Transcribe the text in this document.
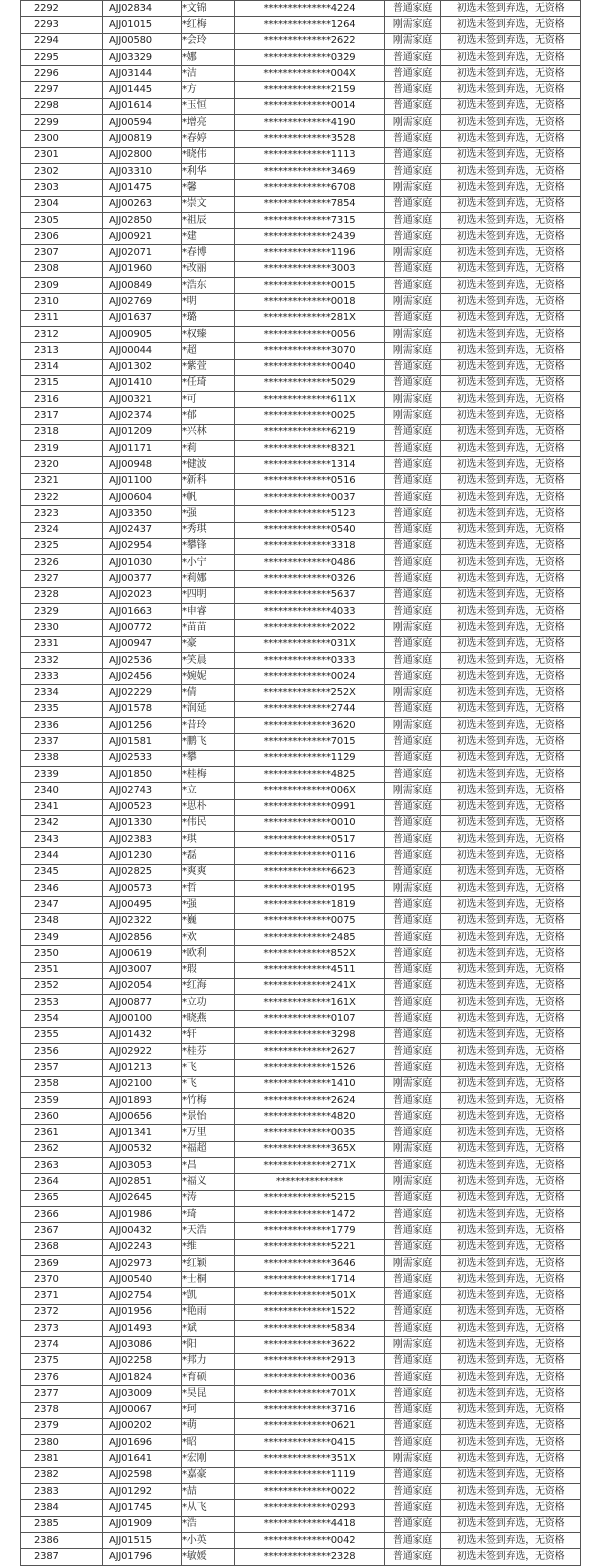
2292	AJJ02834	*文锦	**************4224	普通家庭	初选未签到弃选，无资格
2293	AJJ01015	*红梅	**************1264	刚需家庭	初选未签到弃选，无资格
2294	AJJ00580	*会玲	**************2622	刚需家庭	初选未签到弃选，无资格
2295	AJJ03329	*娜	**************0329	普通家庭	初选未签到弃选，无资格
2296	AJJ03144	*洁	**************004X	普通家庭	初选未签到弃选，无资格
2297	AJJ01445	*方	**************2159	普通家庭	初选未签到弃选，无资格
2298	AJJ01614	*玉恒	**************0014	普通家庭	初选未签到弃选，无资格
2299	AJJ00594	*增亮	**************4190	刚需家庭	初选未签到弃选，无资格
2300	AJJ00819	*春婷	**************3528	普通家庭	初选未签到弃选，无资格
2301	AJJ02800	*晓伟	**************1113	普通家庭	初选未签到弃选，无资格
2302	AJJ03310	*利华	**************3469	普通家庭	初选未签到弃选，无资格
2303	AJJ01475	*馨	**************6708	刚需家庭	初选未签到弃选，无资格
2304	AJJ00263	*崇文	**************7854	普通家庭	初选未签到弃选，无资格
2305	AJJ02850	*祖辰	**************7315	普通家庭	初选未签到弃选，无资格
2306	AJJ00921	*建	**************2439	普通家庭	初选未签到弃选，无资格
2307	AJJ02071	*春博	**************1196	刚需家庭	初选未签到弃选，无资格
2308	AJJ01960	*改丽	**************3003	普通家庭	初选未签到弃选，无资格
2309	AJJ00849	*浩东	**************0015	普通家庭	初选未签到弃选，无资格
2310	AJJ02769	*明	**************0018	刚需家庭	初选未签到弃选，无资格
2311	AJJ01637	*璐	**************281X	普通家庭	初选未签到弃选，无资格
2312	AJJ00905	*权臻	**************0056	刚需家庭	初选未签到弃选，无资格
2313	AJJ00044	*超	**************3070	刚需家庭	初选未签到弃选，无资格
2314	AJJ01302	*紫萱	**************0040	普通家庭	初选未签到弃选，无资格
2315	AJJ01410	*任琦	**************5029	普通家庭	初选未签到弃选，无资格
2316	AJJ00321	*可	**************611X	刚需家庭	初选未签到弃选，无资格
2317	AJJ02374	*郁	**************0025	刚需家庭	初选未签到弃选，无资格
2318	AJJ01209	*兴林	**************6219	普通家庭	初选未签到弃选，无资格
2319	AJJ01171	*莉	**************8321	普通家庭	初选未签到弃选，无资格
2320	AJJ00948	*健波	**************1314	普通家庭	初选未签到弃选，无资格
2321	AJJ01100	*新科	**************0516	普通家庭	初选未签到弃选，无资格
2322	AJJ00604	*帆	**************0037	普通家庭	初选未签到弃选，无资格
2323	AJJ03350	*强	**************5123	普通家庭	初选未签到弃选，无资格
2324	AJJ02437	*秀琪	**************0540	普通家庭	初选未签到弃选，无资格
2325	AJJ02954	*攀锋	**************3318	普通家庭	初选未签到弃选，无资格
2326	AJJ01030	*小宁	**************0486	普通家庭	初选未签到弃选，无资格
2327	AJJ00377	*莉娜	**************0326	普通家庭	初选未签到弃选，无资格
2328	AJJ02023	*四明	**************5637	普通家庭	初选未签到弃选，无资格
2329	AJJ01663	*申睿	**************4033	普通家庭	初选未签到弃选，无资格
2330	AJJ00772	*苗苗	**************2022	刚需家庭	初选未签到弃选，无资格
2331	AJJ00947	*豪	**************031X	普通家庭	初选未签到弃选，无资格
2332	AJJ02536	*笑晨	**************0333	普通家庭	初选未签到弃选，无资格
2333	AJJ02456	*婉妮	**************0024	普通家庭	初选未签到弃选，无资格
2334	AJJ02229	*倩	**************252X	刚需家庭	初选未签到弃选，无资格
2335	AJJ01578	*润延	**************2744	普通家庭	初选未签到弃选，无资格
2336	AJJ01256	*昔玲	**************3620	刚需家庭	初选未签到弃选，无资格
2337	AJJ01581	*鹏飞	**************7015	普通家庭	初选未签到弃选，无资格
2338	AJJ02533	*攀	**************1129	普通家庭	初选未签到弃选，无资格
2339	AJJ01850	*桂梅	**************4825	普通家庭	初选未签到弃选，无资格
2340	AJJ02743	*立	**************006X	刚需家庭	初选未签到弃选，无资格
2341	AJJ00523	*思朴	**************0991	普通家庭	初选未签到弃选，无资格
2342	AJJ01330	*伟民	**************0010	普通家庭	初选未签到弃选，无资格
2343	AJJ02383	*琪	**************0517	普通家庭	初选未签到弃选，无资格
2344	AJJ01230	*磊	**************0116	普通家庭	初选未签到弃选，无资格
2345	AJJ02825	*爽爽	**************6623	普通家庭	初选未签到弃选，无资格
2346	AJJ00573	*哲	**************0195	刚需家庭	初选未签到弃选，无资格
2347	AJJ00495	*强	**************1819	普通家庭	初选未签到弃选，无资格
2348	AJJ02322	*巍	**************0075	普通家庭	初选未签到弃选，无资格
2349	AJJ02856	*欢	**************2485	普通家庭	初选未签到弃选，无资格
2350	AJJ00619	*欧利	**************852X	普通家庭	初选未签到弃选，无资格
2351	AJJ03007	*瑕	**************4511	普通家庭	初选未签到弃选，无资格
2352	AJJ02054	*红海	**************241X	普通家庭	初选未签到弃选，无资格
2353	AJJ00877	*立功	**************161X	普通家庭	初选未签到弃选，无资格
2354	AJJ00100	*晓燕	**************0107	普通家庭	初选未签到弃选，无资格
2355	AJJ01432	*轩	**************3298	普通家庭	初选未签到弃选，无资格
2356	AJJ02922	*桂芬	**************2627	普通家庭	初选未签到弃选，无资格
2357	AJJ01213	*飞	**************1526	普通家庭	初选未签到弃选，无资格
2358	AJJ02100	*飞	**************1410	刚需家庭	初选未签到弃选，无资格
2359	AJJ01893	*竹梅	**************2624	普通家庭	初选未签到弃选，无资格
2360	AJJ00656	*景怡	**************4820	普通家庭	初选未签到弃选，无资格
2361	AJJ01341	*万里	**************0035	普通家庭	初选未签到弃选，无资格
2362	AJJ00532	*福超	**************365X	刚需家庭	初选未签到弃选，无资格
2363	AJJ03053	*昌	**************271X	普通家庭	初选未签到弃选，无资格
2364	AJJ02851	*福义	**************	刚需家庭	初选未签到弃选，无资格
2365	AJJ02645	*涛	**************5215	普通家庭	初选未签到弃选，无资格
2366	AJJ01986	*琦	**************1472	普通家庭	初选未签到弃选，无资格
2367	AJJ00432	*天浩	**************1779	普通家庭	初选未签到弃选，无资格
2368	AJJ02243	*维	**************5221	普通家庭	初选未签到弃选，无资格
2369	AJJ02973	*红颖	**************3646	刚需家庭	初选未签到弃选，无资格
2370	AJJ00540	*士桐	**************1714	普通家庭	初选未签到弃选，无资格
2371	AJJ02754	*凯	**************501X	普通家庭	初选未签到弃选，无资格
2372	AJJ01956	*艳雨	**************1522	普通家庭	初选未签到弃选，无资格
2373	AJJ01493	*斌	**************5834	普通家庭	初选未签到弃选，无资格
2374	AJJ03086	*阳	**************3622	刚需家庭	初选未签到弃选，无资格
2375	AJJ02258	*邦力	**************2913	普通家庭	初选未签到弃选，无资格
2376	AJJ01824	*育硕	**************0036	普通家庭	初选未签到弃选，无资格
2377	AJJ03009	*昊昆	**************701X	普通家庭	初选未签到弃选，无资格
2378	AJJ00067	*珂	**************3716	普通家庭	初选未签到弃选，无资格
2379	AJJ00202	*萌	**************0621	普通家庭	初选未签到弃选，无资格
2380	AJJ01696	*昭	**************0415	普通家庭	初选未签到弃选，无资格
2381	AJJ01641	*宏刚	**************351X	刚需家庭	初选未签到弃选，无资格
2382	AJJ02598	*嘉豪	**************1119	普通家庭	初选未签到弃选，无资格
2383	AJJ01292	*喆	**************0022	普通家庭	初选未签到弃选，无资格
2384	AJJ01745	*从飞	**************0293	普通家庭	初选未签到弃选，无资格
2385	AJJ01909	*浩	**************4418	普通家庭	初选未签到弃选，无资格
2386	AJJ01515	*小英	**************0042	普通家庭	初选未签到弃选，无资格
2387	AJJ01796	*敏媛	**************2328	普通家庭	初选未签到弃选，无资格
